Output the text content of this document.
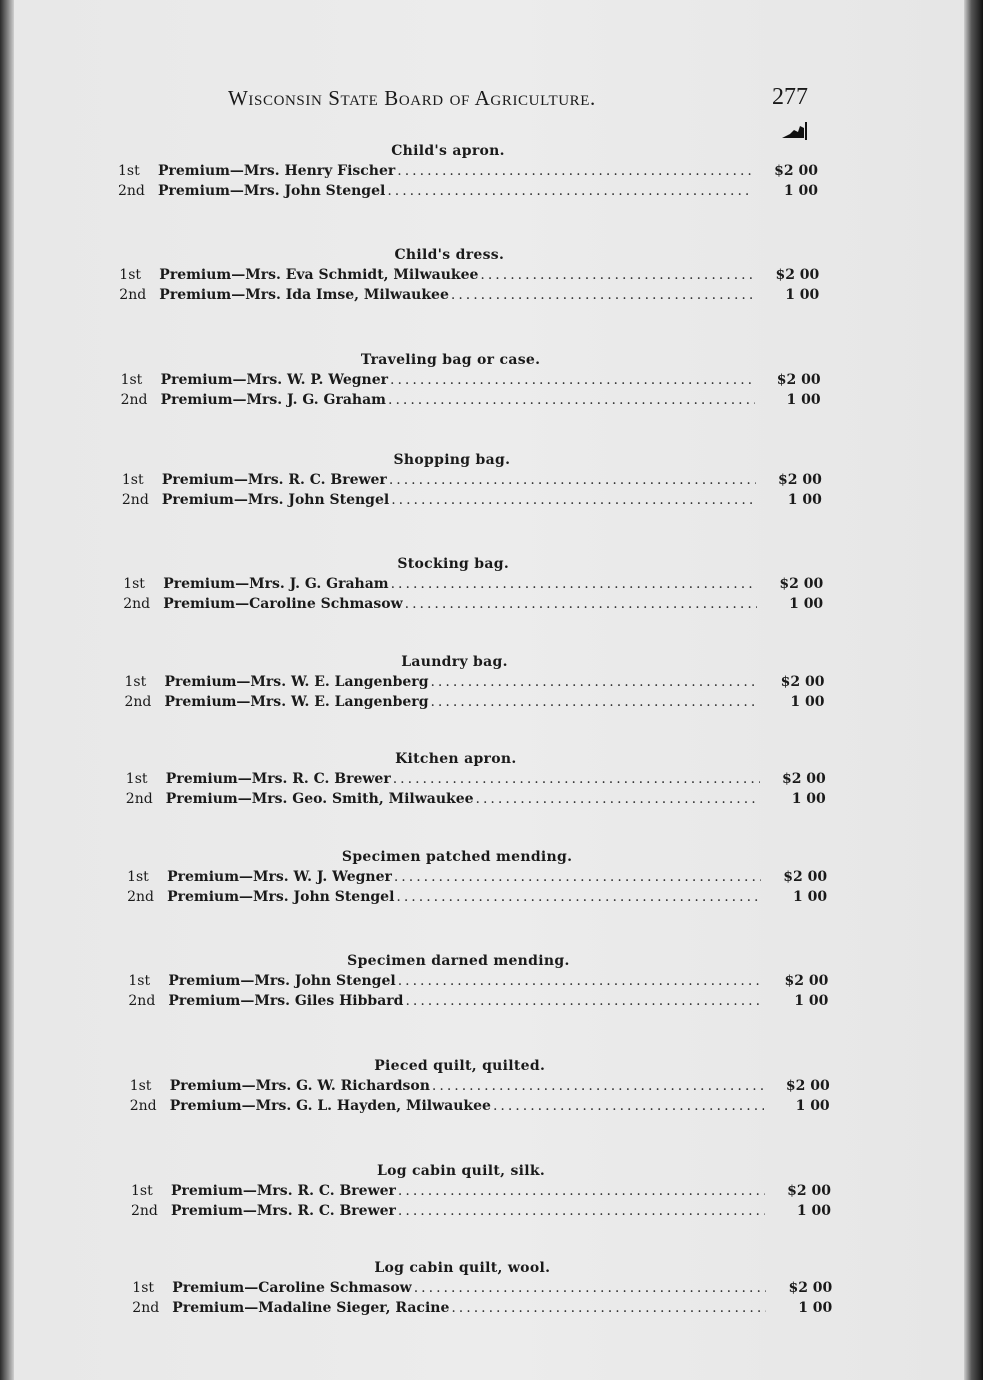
Wisconsin State Board of Agriculture.	277
Child's apron.
1st	Premium—Mrs. Henry Fischer .....	$2 00
2nd Premium—Mrs. John Stengel .....	1 00
Child's dress.
1st	Premium—Mrs. Eva Schmidt, Milwaukee .....	$2 00
2nd Premium—Mrs. Ida Imse, Milwaukee .....	1 00
Traveling bag or case.
1st	Premium—Mrs. W. P. Wegner .....	$2 00
2nd Premium—Mrs. J. G. Graham .....	1 00
Shopping bag.
1st	Premium—Mrs. R. C. Brewer .....	$2 00
2nd Premium—Mrs. John Stengel .....	1 00
Stocking bag.
1st	Premium—Mrs. J. G. Graham .....	$2 00
2nd Premium—Caroline Schmasow .....	1 00
Laundry bag.
1st	Premium—Mrs. W. E. Langenberg .....	$2 00
2nd Premium—Mrs. W. E. Langenberg .....	1 00
Kitchen apron.
1st	Premium—Mrs. R. C. Brewer .....	$2 00
2nd Premium—Mrs. Geo. Smith, Milwaukee .....	1 00
Specimen patched mending.
1st	Premium—Mrs. W. J. Wegner .....	$2 00
2nd Premium—Mrs. John Stengel .....	1 00
Specimen darned mending.
1st	Premium—Mrs. John Stengel .....	$2 00
2nd Premium—Mrs. Giles Hibbard .....	1 00
Pieced quilt, quilted.
1st	Premium—Mrs. G. W. Richardson .....	$2 00
2nd Premium—Mrs. G. L. Hayden, Milwaukee .....	1 00
Log cabin quilt, silk.
1st	Premium—Mrs. R. C. Brewer .....	$2 00
2nd Premium—Mrs. R. C. Brewer .....	1 00
Log cabin quilt, wool.
1st	Premium—Caroline Schmasow .....	$2 00
2nd Premium—Madaline Sieger, Racine .....	1 00
